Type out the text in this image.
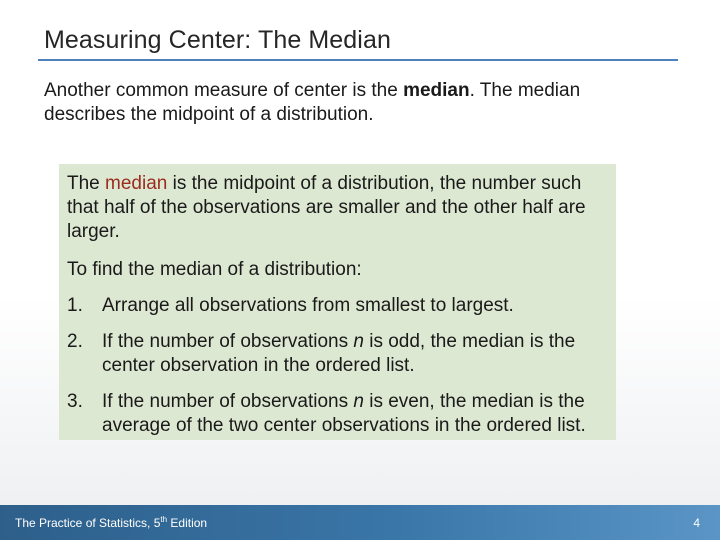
Measuring Center: The Median
Another common measure of center is the median. The median describes the midpoint of a distribution.

The median is the midpoint of a distribution, the number such that half of the observations are smaller and the other half are larger.

To find the median of a distribution:

1.	Arrange all observations from smallest to largest.
2.	If the number of observations n is odd, the median is the center observation in the ordered list.
3.	If the number of observations n is even, the median is the average of the two center observations in the ordered list.
The Practice of Statistics, 5th Edition	4
